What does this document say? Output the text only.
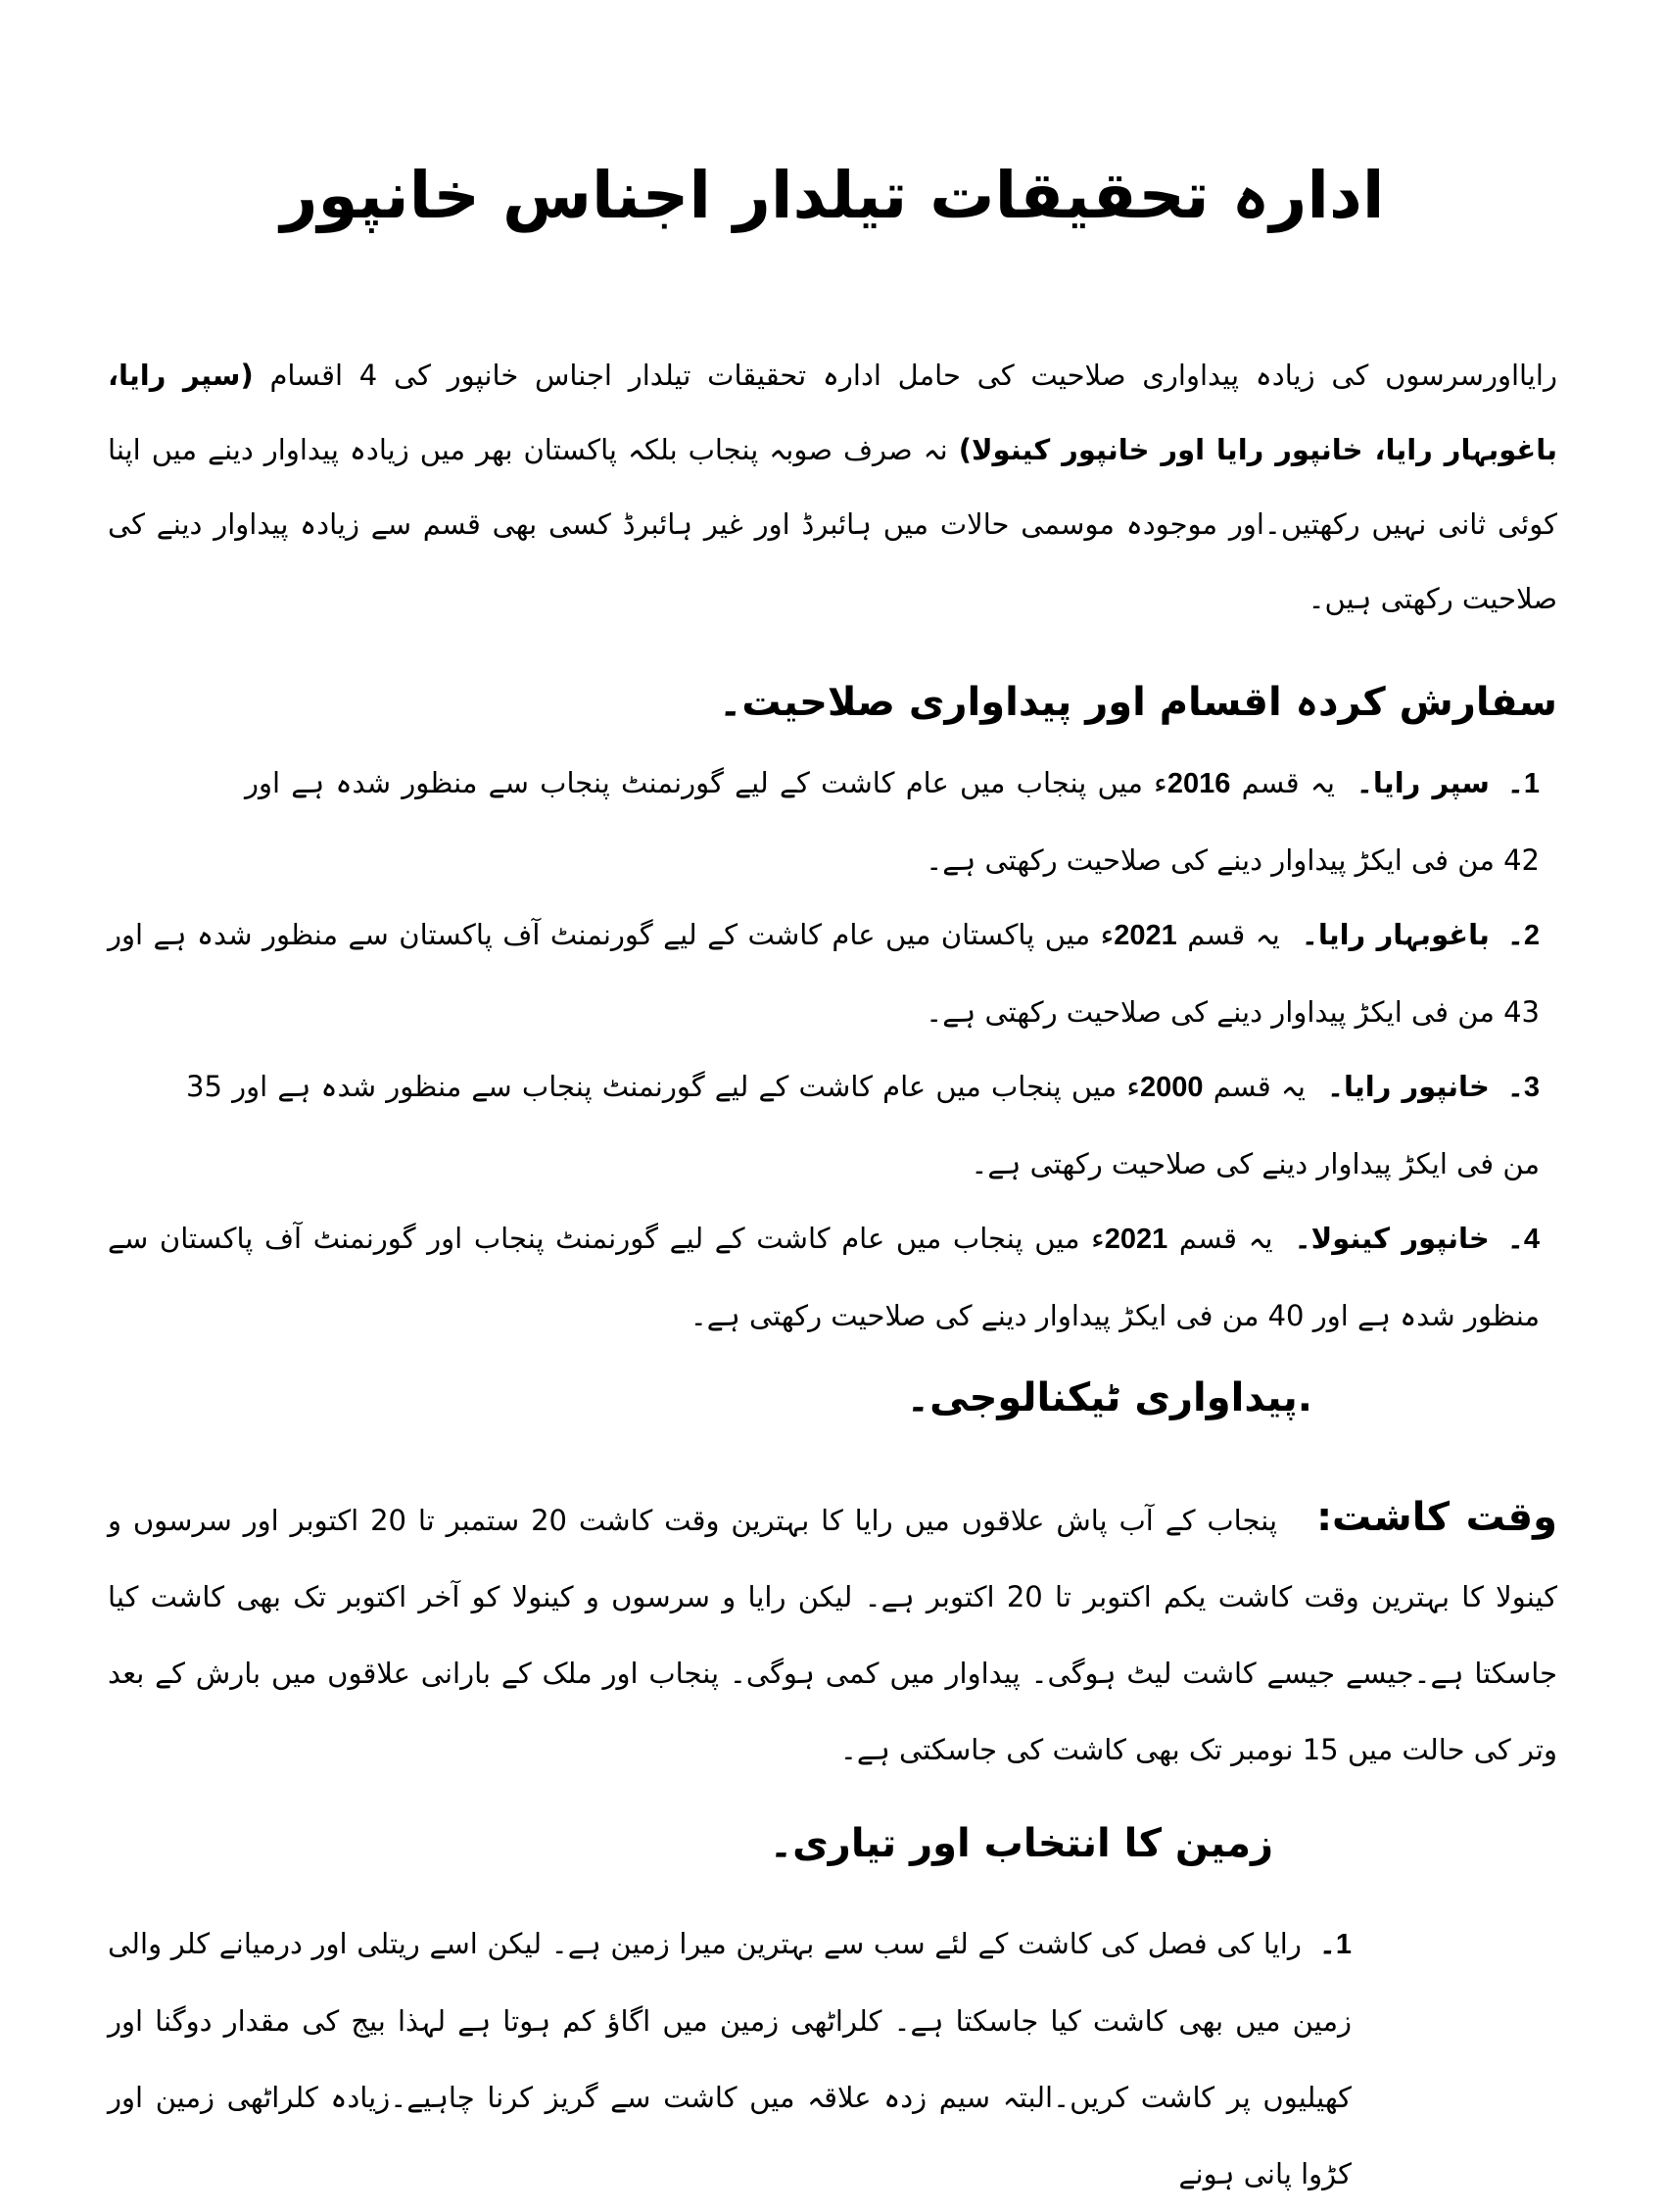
ادارہ تحقیقات تیلدار اجناس خانپور

رایااورسرسوں کی زیادہ پیداواری صلاحیت کی حامل ادارہ تحقیقات تیلدار اجناس خانپور کی 4 اقسام (سپر رایا، باغوبہار رایا، خانپور رایا اور خانپور کینولا) نہ صرف صوبہ پنجاب بلکہ پاکستان بھر میں زیادہ پیداوار دینے میں اپنا کوئی ثانی نہیں رکھتیں۔اور موجودہ موسمی حالات میں ہائبرڈ اور غیر ہائبرڈ کسی بھی قسم سے زیادہ پیداوار دینے کی صلاحیت رکھتی ہیں۔

سفارش کردہ اقسام اور پیداواری صلاحیت۔

1۔سپر رایا۔یہ قسم 2016ء میں پنجاب میں عام کاشت کے لیے گورنمنٹ پنجاب سے منظور شدہ ہے اور 42 من فی ایکڑ پیداوار دینے کی صلاحیت رکھتی ہے۔

2۔باغوبہار رایا۔یہ قسم 2021ء میں پاکستان میں عام کاشت کے لیے گورنمنٹ آف پاکستان سے منظور شدہ ہے اور 43 من فی ایکڑ پیداوار دینے کی صلاحیت رکھتی ہے۔

3۔خانپور رایا۔یہ قسم 2000ء میں پنجاب میں عام کاشت کے لیے گورنمنٹ پنجاب سے منظور شدہ ہے اور 35 من فی ایکڑ پیداوار دینے کی صلاحیت رکھتی ہے۔

4۔خانپور کینولا۔یہ قسم 2021ء میں پنجاب میں عام کاشت کے لیے گورنمنٹ پنجاب اور گورنمنٹ آف پاکستان سے منظور شدہ ہے اور 40 من فی ایکڑ پیداوار دینے کی صلاحیت رکھتی ہے۔

.پیداواری ٹیکنالوجی۔

وقت کاشت:پنجاب کے آب پاش علاقوں میں رایا کا بہترین وقت کاشت 20 ستمبر تا 20 اکتوبر اور سرسوں و کینولا کا بہترین وقت کاشت یکم اکتوبر تا 20 اکتوبر ہے۔ لیکن رایا و سرسوں و کینولا کو آخر اکتوبر تک بھی کاشت کیا جاسکتا ہے۔جیسے جیسے کاشت لیٹ ہوگی۔ پیداوار میں کمی ہوگی۔ پنجاب اور ملک کے بارانی علاقوں میں بارش کے بعد وتر کی حالت میں 15 نومبر تک بھی کاشت کی جاسکتی ہے۔

زمین کا انتخاب اور تیاری۔

1۔رایا کی فصل کی کاشت کے لئے سب سے بہترین میرا زمین ہے۔ لیکن اسے ریتلی اور درمیانے کلر والی زمین میں بھی کاشت کیا جاسکتا ہے۔ کلراٹھی زمین میں اگاؤ کم ہوتا ہے لہذا بیج کی مقدار دوگنا اور کھیلیوں پر کاشت کریں۔البتہ سیم زدہ علاقہ میں کاشت سے گریز کرنا چاہیے۔زیادہ کلراٹھی زمین اور کڑوا پانی ہونے
